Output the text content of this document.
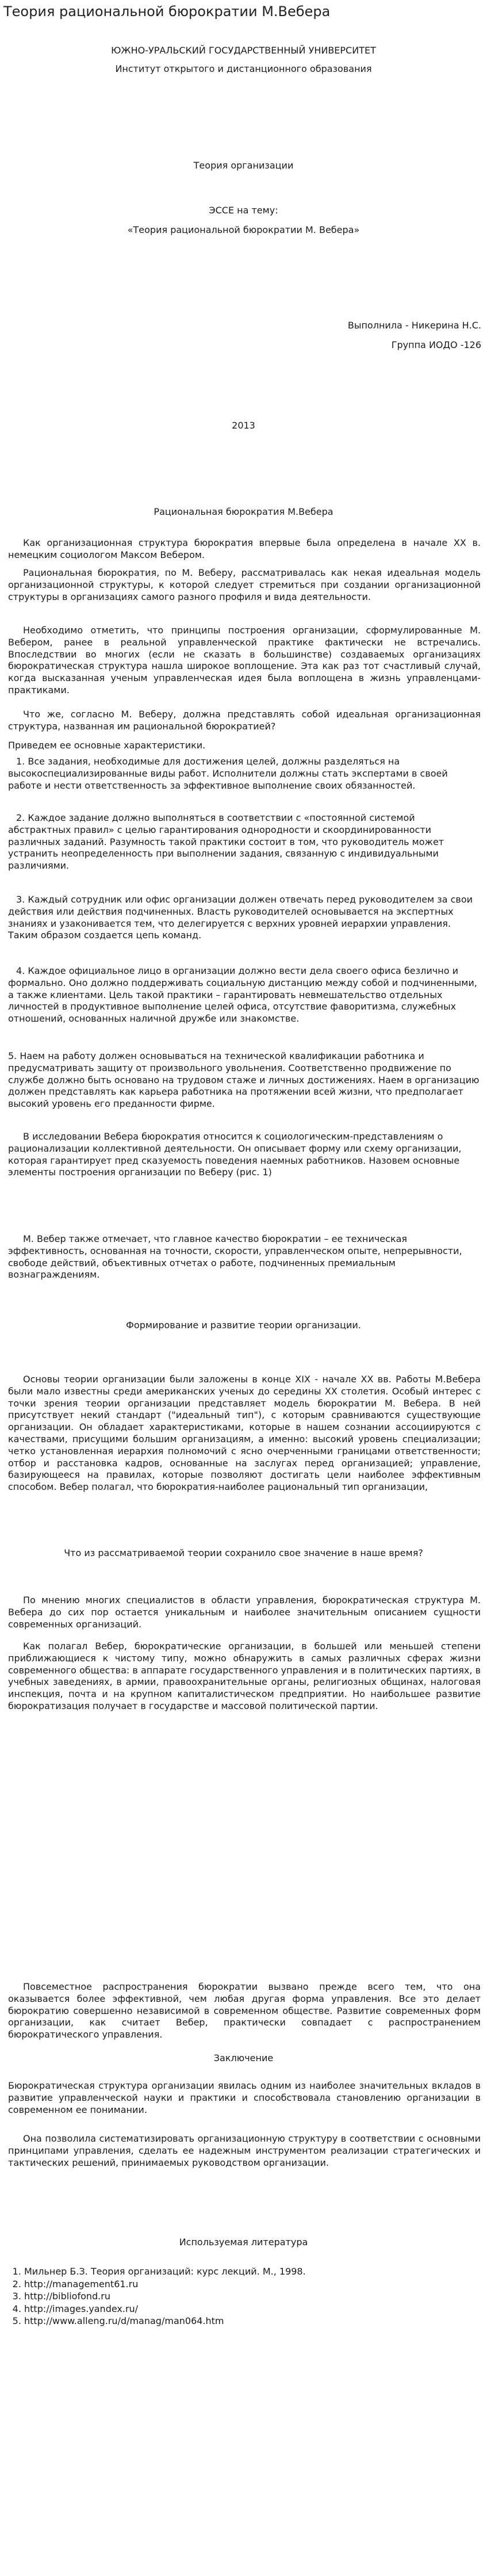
Теория рациональной бюрократии М.Вебера
ЮЖНО-УРАЛЬСКИЙ ГОСУДАРСТВЕННЫЙ УНИВЕРСИТЕТ
Институт открытого и дистанционного образования
Теория организации
ЭССЕ на тему:
«Теория рациональной бюрократии М. Вебера»
Выполнила - Никерина Н.С.
Группа ИОДО -126
2013
Рациональная бюрократия М.Вебера

Как организационная структура бюрократия впервые была определена в начале XX в. немецким социологом Максом Вебером.

Рациональная бюрократия, по М. Веберу, рассматривалась как некая идеальная модель организационной структуры, к которой следует стремиться при создании организационной структуры в организациях самого разного профиля и вида деятельности.

Необходимо отметить, что принципы построения организации, сформулированные М. Вебером, ранее в реальной управленческой практике фактически не встречались. Впоследствии во многих (если не сказать в большинстве) создаваемых организациях бюрократическая структура нашла широкое воплощение. Эта как раз тот счастливый случай, когда высказанная ученым управленческая идея была воплощена в жизнь управленцами-практиками.

Что же, согласно М. Веберу, должна представлять собой идеальная организационная структура, названная им рациональной бюрократией?

Приведем ее основные характеристики.

1. Все задания, необходимые для достижения целей, должны разделяться на высокоспециализированные виды работ. Исполнители должны стать экспертами в своей работе и нести ответственность за эффективное выполнение своих обязанностей.

2. Каждое задание должно выполняться в соответствии с «постоянной системой абстрактных правил» с целью гарантирования однородности и скоординированности различных заданий. Разумность такой практики состоит в том, что руководитель может устранить неопределенность при выполнении задания, связанную с индивидуальными различиями.

3. Каждый сотрудник или офис организации должен отвечать перед руководителем за свои действия или действия подчиненных. Власть руководителей основывается на экспертных знаниях и узаконивается тем, что делегируется с верхних уровней иерархии управления. Таким образом создается цепь команд.

4. Каждое официальное лицо в организации должно вести дела своего офиса безлично и формально. Оно должно поддерживать социальную дистанцию между собой и подчиненными, а также клиентами. Цель такой практики – гарантировать невмешательство отдельных личностей в продуктивное выполнение целей офиса, отсутствие фаворитизма, служебных отношений, основанных наличной дружбе или знакомстве.

5. Наем на работу должен основываться на технической квалификации работника и предусматривать защиту от произвольного увольнения. Соответственно продвижение по службе должно быть основано на трудовом стаже и личных достижениях. Наем в организацию должен представлять как карьера работника на протяжении всей жизни, что предполагает высокий уровень его преданности фирме.

В исследовании Вебера бюрократия относится к социологическим-представлениям о рационализации коллективной деятельности. Он описывает форму или схему организации, которая гарантирует пред сказуемость поведения наемных работников. Назовем основные элементы построения организации по Веберу (рис. 1)

М. Вебер также отмечает, что главное качество бюрократии – ее техническая эффективность, основанная на точности, скорости, управленческом опыте, непрерывности, свободе действий, объективных отчетах о работе, подчиненных премиальным вознаграждениям.

Формирование и развитие теории организации.

Основы теории организации были заложены в конце XIX - начале XX вв. Работы М.Вебера были мало известны среди американских ученых до середины XX столетия. Особый интерес с точки зрения теории организации представляет модель бюрократии М. Вебера. В ней присутствует некий стандарт ("идеальный тип"), с которым сравниваются существующие организации. Он обладает характеристиками, которые в нашем сознании ассоциируются с качествами, присущими большим организациям, а именно: высокий уровень специализации; четко установленная иерархия полномочий с ясно очерченными границами ответственности; отбор и расстановка кадров, основанные на заслугах перед организацией; управление, базирующееся на правилах, которые позволяют достигать цели наиболее эффективным способом. Вебер полагал, что бюрократия-наиболее рациональный тип организации,

Что из рассматриваемой теории сохранило свое значение в наше время?

По мнению многих специалистов в области управления, бюрократическая структура М. Вебера до сих пор остается уникальным и наиболее значительным описанием сущности современных организаций.

Как полагал Вебер, бюрократические организации, в большей или меньшей степени приближающиеся к чистому типу, можно обнаружить в самых различных сферах жизни современного общества: в аппарате государственного управления и в политических партиях, в учебных заведениях, в армии, правоохранительные органы, религиозных общинах, налоговая инспекция, почта и на крупном капиталистическом предприятии. Но наибольшее развитие бюрократизация получает в государстве и массовой политической партии.

Повсеместное распространения бюрократии вызвано прежде всего тем, что она оказывается более эффективной, чем любая другая форма управления. Все это делает бюрократию совершенно независимой в современном обществе. Развитие современных форм организации, как считает Вебер, практически совпадает с распространением бюрократического управления.

Заключение

Бюрократическая структура организации явилась одним из наиболее значительных вкладов в развитие управленческой науки и практики и способствовала становлению организации в современном ее понимании.

Она позволила систематизировать организационную структуру в соответствии с основными принципами управления, сделать ее надежным инструментом реализации стратегических и тактических решений, принимаемых руководством организации.

Используемая литература
1. Мильнер Б.З. Теория организаций: курс лекций. М., 1998.
2. http://management61.ru
3. http://bibliofond.ru
4. http://images.yandex.ru/
5. http://www.alleng.ru/d/manag/man064.htm
